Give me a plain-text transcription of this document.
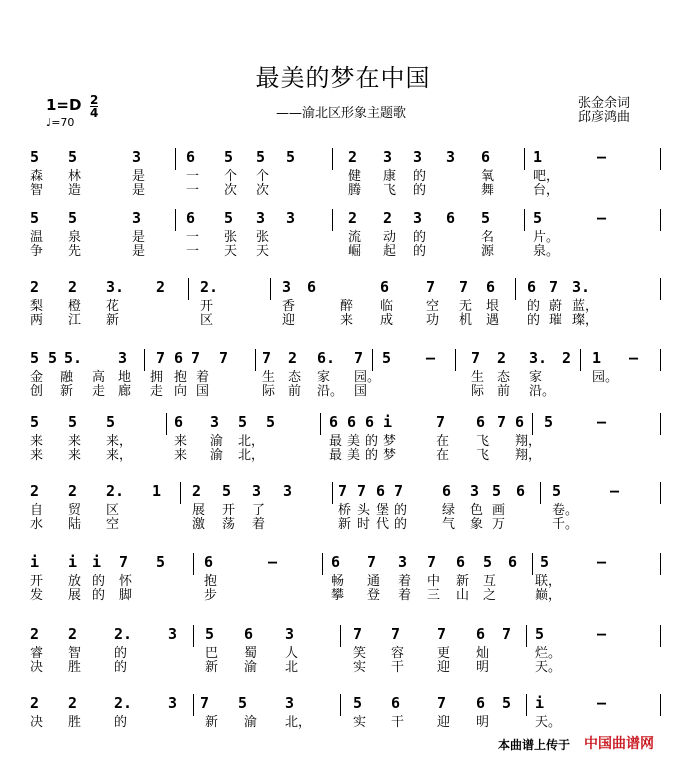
最美的梦在中国
——渝北区形象主题歌
张金余词
邱彦鸿曲
1=D 2
4
♩=70
5 5	3	6 5 5 5	2 3 3 3 6	1	–
森 林	是	一 个 个	健 康 的	氧	吧，
智 造	是	一 次 次	腾 飞 的	舞	台，
5 5	3	6 5 3 3	2 2 3 6 5	5	–
温 泉	是	一 张 张	流 动 的	名	片。
争 先	是	一 天 天	崛 起 的	源	泉。
2 2 3. 2 2.	3 6	6 7 7 6 6 7 3.
梨 橙 花	开	香	醉 临	空 无 垠 的 蔚 蓝，
两 江 新	区	迎	来 成	功 机 遇 的 璀 璨，
5 5 5. 3 7 6 7 7 7 2 6. 7 5 – 7 2 3. 2 1 –
金 融 高 地 拥 抱 着	生 态 家 园。	生 态 家	园。
创 新 走 廊 走 向 国	际 前 沿。 国	际 前 沿。
5 5 5	6 3 5 5	6 6 6 i	7 6 7 6 5	–
来 来 来，	来 渝 北，	最 美 的 梦	在 飞 翔，
来 来 来，	来 渝 北，	最 美 的 梦	在 飞 翔，
2 2 2. 1 2 5 3 3	7 7 6 7	6 3 5 6 5	–
自 贸 区	展 开 了	桥 头 堡 的	绿 色 画	卷。
水 陆 空	激 荡 着	新 时 代 的	气 象 万	千。
i i i 7 5	6	–	6 7 3 7 6 5 6 5	–
开 放 的 怀	抱	畅 通 着 中 新 互	联，
发 展 的 脚	步	攀 登 着 三 山 之	巅，
2 2 2. 3 5 6 3	7 7 7 6 7 5	–
睿 智	的	巴 蜀 人	笑 容	更 灿	烂。
决 胜	的	新 渝 北	实 干	迎 明	天。
2 2 2. 3 7 5	3	5 6 7 6 5 i	–
决 胜	的	新 渝 北，	实 干	迎 明	天。
本曲谱上传于 中国曲谱网
